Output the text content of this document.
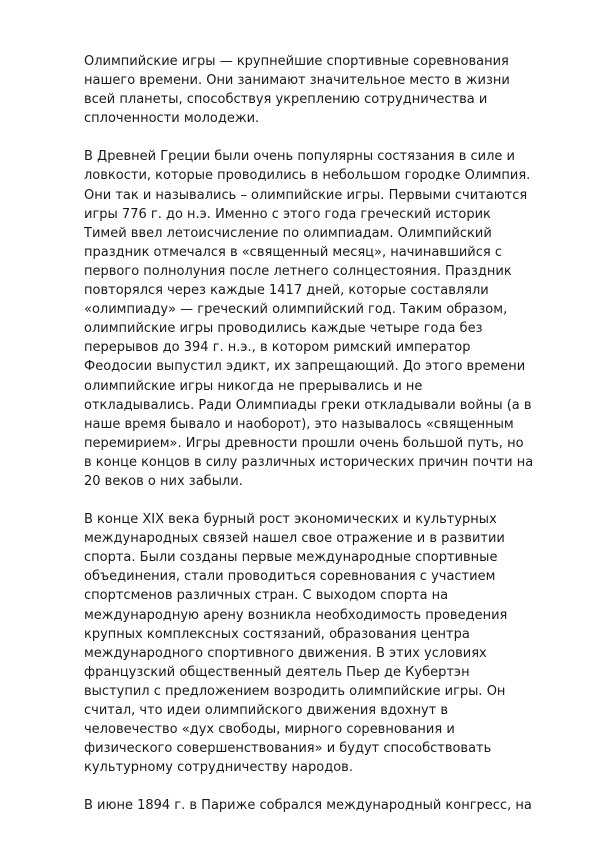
Олимпийские игры — крупнейшие спортивные соревнования
нашего времени. Они занимают значительное место в жизни
всей планеты, способствуя укреплению сотрудничества и
сплоченности молодежи.

В Древней Греции были очень популярны состязания в силе и
ловкости, которые проводились в небольшом городке Олимпия.
Они так и назывались – олимпийские игры. Первыми считаются
игры 776 г. до н.э. Именно с этого года греческий историк
Тимей ввел летоисчисление по олимпиадам. Олимпийский
праздник отмечался в «священный месяц», начинавшийся с
первого полнолуния после летнего солнцестояния. Праздник
повторялся через каждые 1417 дней, которые составляли
«олимпиаду» — греческий олимпийский год. Таким образом,
олимпийские игры проводились каждые четыре года без
перерывов до 394 г. н.э., в котором римский император
Феодосии выпустил эдикт, их запрещающий. До этого времени
олимпийские игры никогда не прерывались и не
откладывались. Ради Олимпиады греки откладывали войны (а в
наше время бывало и наоборот), это называлось «священным
перемирием». Игры древности прошли очень большой путь, но
в конце концов в силу различных исторических причин почти на
20 веков о них забыли.

В конце XIX века бурный рост экономических и культурных
международных связей нашел свое отражение и в развитии
спорта. Были созданы первые международные спортивные
объединения, стали проводиться соревнования с участием
спортсменов различных стран. С выходом спорта на
международную арену возникла необходимость проведения
крупных комплексных состязаний, образования центра
международного спортивного движения. В этих условиях
французский общественный деятель Пьер де Кубертэн
выступил с предложением возродить олимпийские игры. Он
считал, что идеи олимпийского движения вдохнут в
человечество «дух свободы, мирного соревнования и
физического совершенствования» и будут способствовать
культурному сотрудничеству народов.

В июне 1894 г. в Париже собрался международный конгресс, на
